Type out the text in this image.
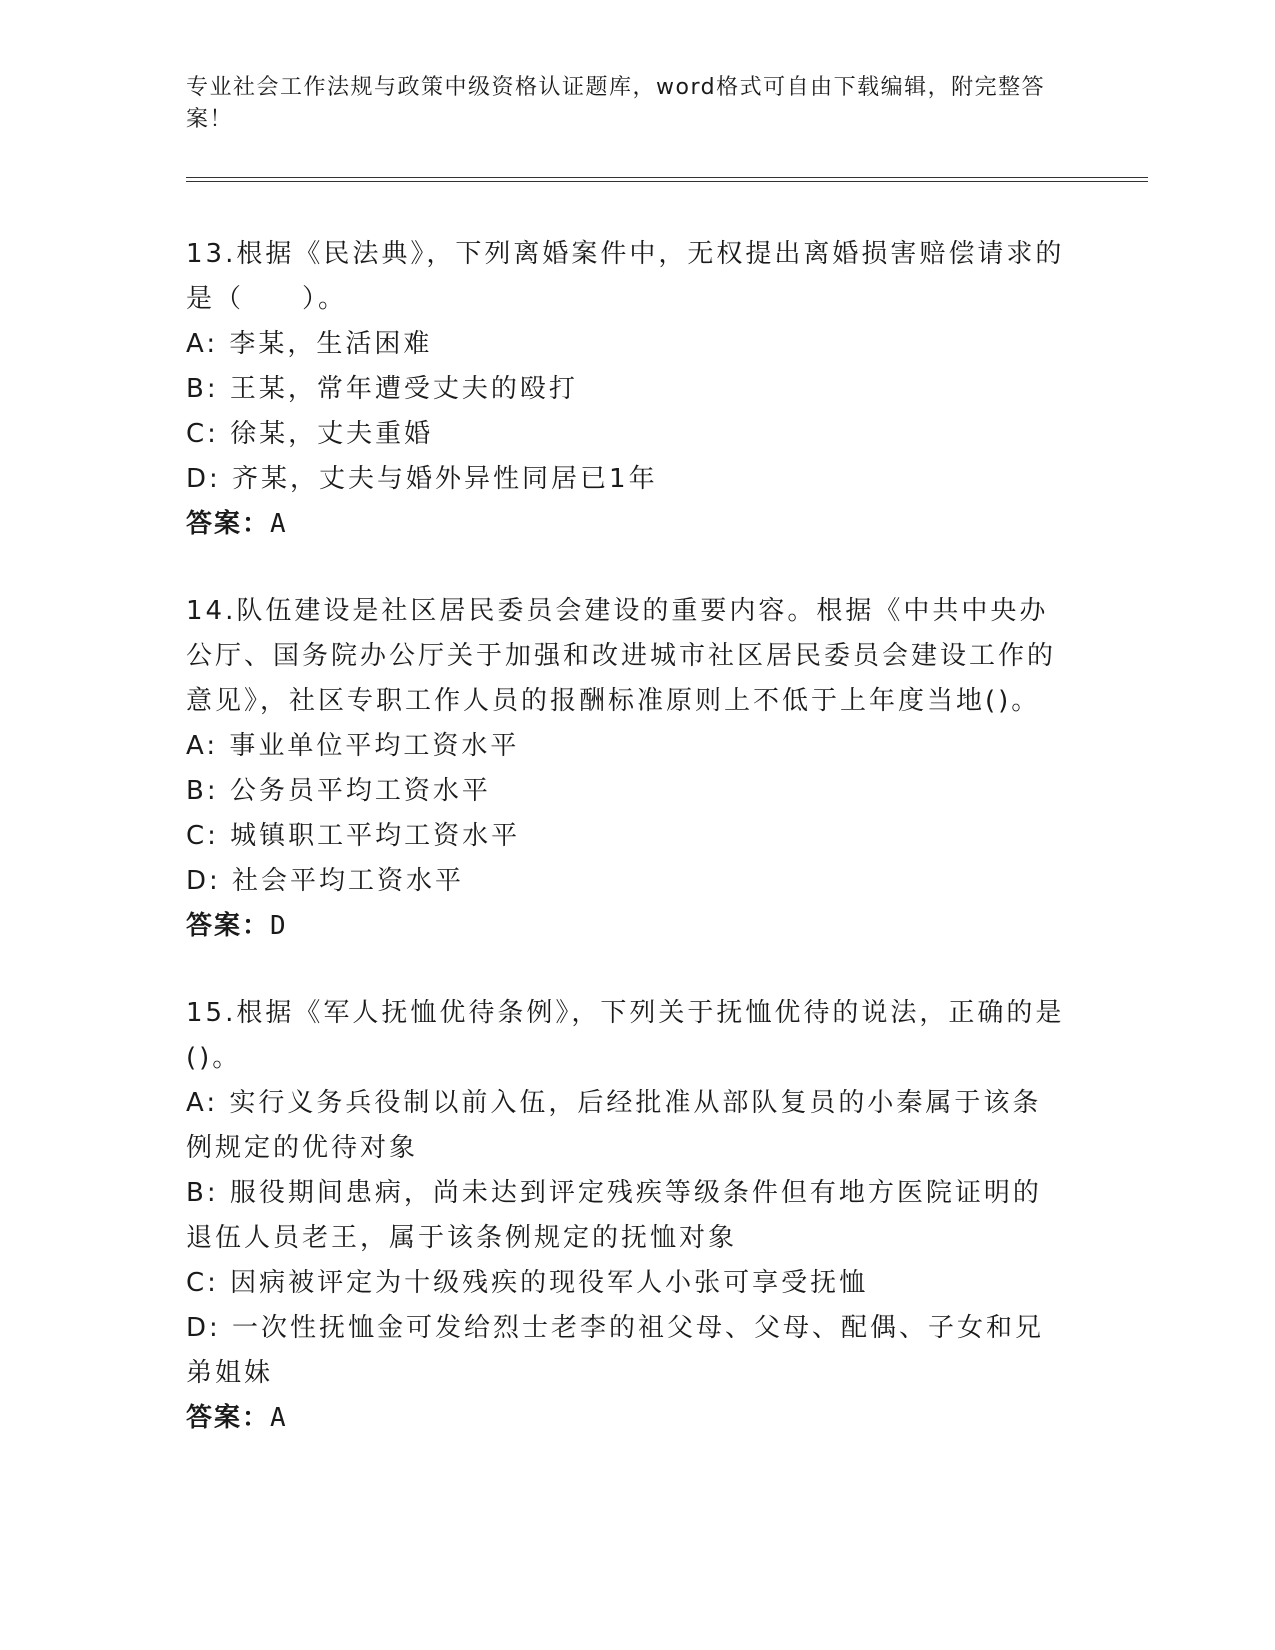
专业社会工作法规与政策中级资格认证题库，word格式可自由下载编辑，附完整答案！

13.根据《民法典》，下列离婚案件中，无权提出离婚损害赔偿请求的是（　　）。

A: 李某，生活困难

B: 王某，常年遭受丈夫的殴打

C: 徐某，丈夫重婚

D: 齐某，丈夫与婚外异性同居已1年

答案：A

14.队伍建设是社区居民委员会建设的重要内容。根据《中共中央办公厅、国务院办公厅关于加强和改进城市社区居民委员会建设工作的意见》，社区专职工作人员的报酬标准原则上不低于上年度当地()。

A: 事业单位平均工资水平

B: 公务员平均工资水平

C: 城镇职工平均工资水平

D: 社会平均工资水平

答案：D

15.根据《军人抚恤优待条例》，下列关于抚恤优待的说法，正确的是()。

A: 实行义务兵役制以前入伍，后经批准从部队复员的小秦属于该条例规定的优待对象

B: 服役期间患病，尚未达到评定残疾等级条件但有地方医院证明的退伍人员老王，属于该条例规定的抚恤对象

C: 因病被评定为十级残疾的现役军人小张可享受抚恤

D: 一次性抚恤金可发给烈士老李的祖父母、父母、配偶、子女和兄弟姐妹

答案：A
